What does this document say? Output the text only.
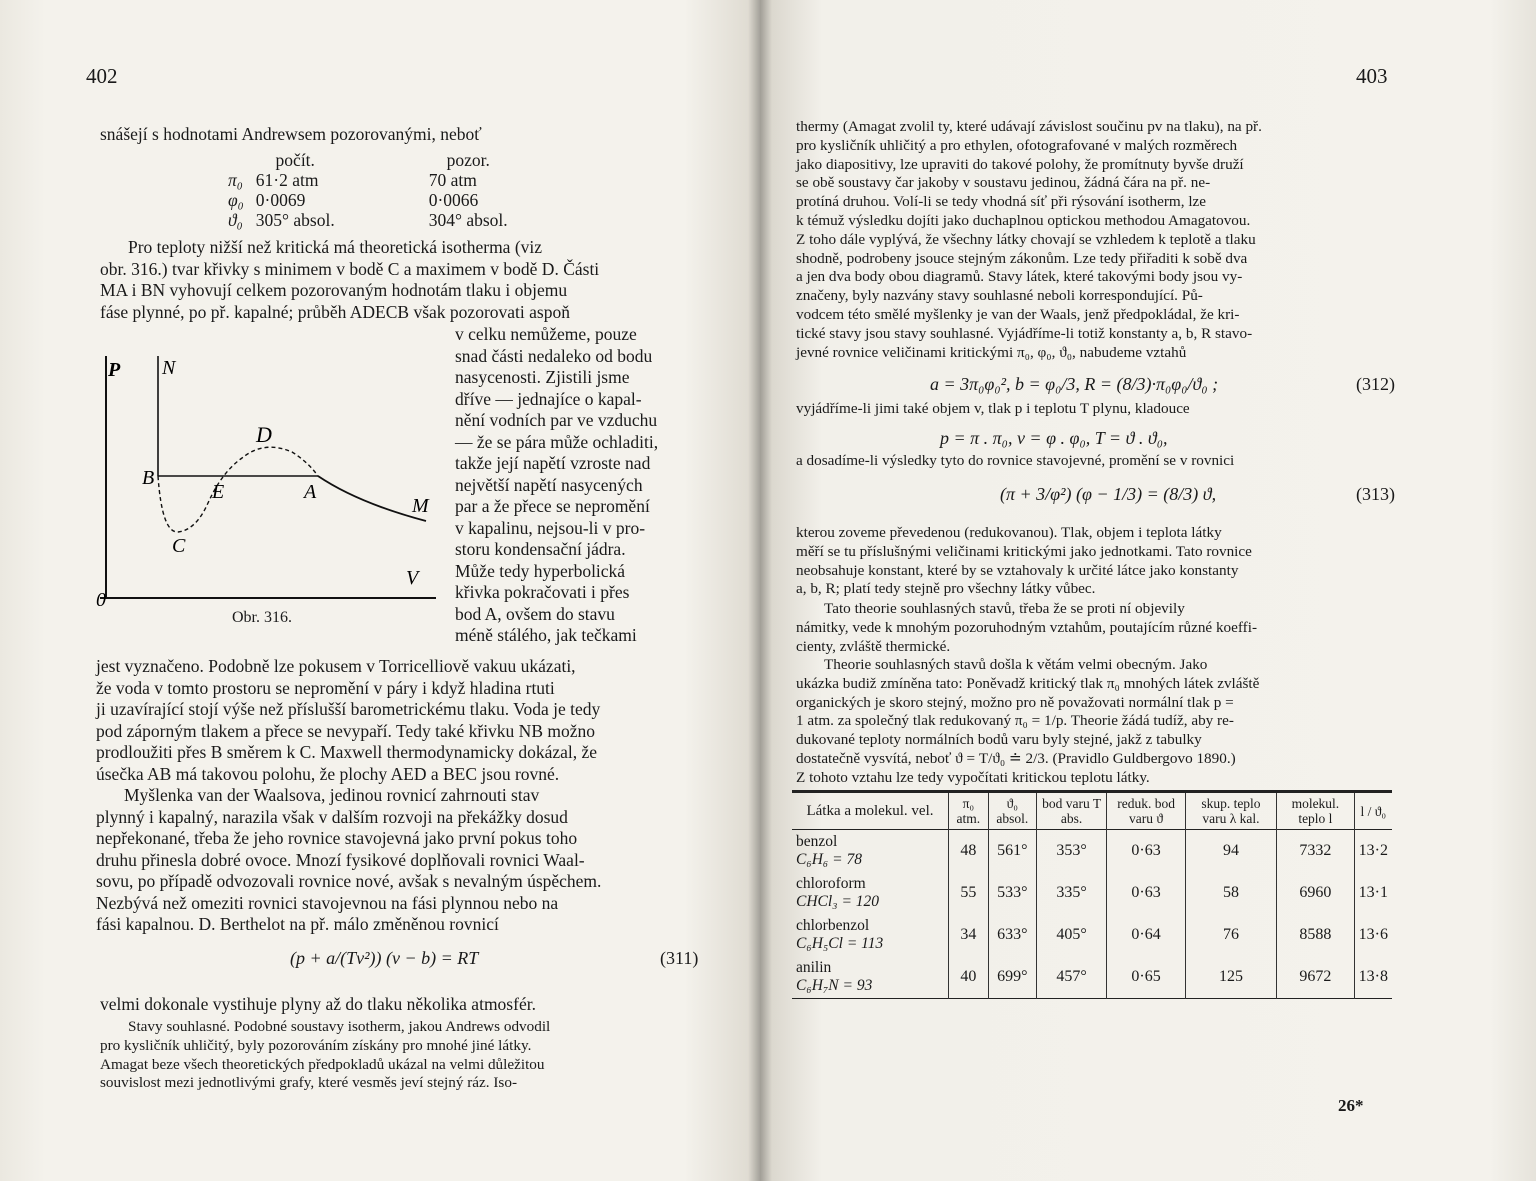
402
snášejí s hodnotami Andrewsem pozorovanými, neboť
	počít.		pozor.
π₀	61·2 atm		70 atm
φ₀	0·0069		0·0066
ϑ₀	305° absol.		304° absol.

Pro teploty nižší než kritická má theoretická isotherma (viz

obr. 316.) tvar křivky s minimem v bodě C a maximem v bodě D. Části

MA i BN vyhovují celkem pozorovaným hodnotám tlaku i objemu

fáse plynné, po př. kapalné; průběh ADECB však pozorovati aspoň

v celku nemůžeme, pouze

snad části nedaleko od bodu

nasycenosti. Zjistili jsme

dříve — jednajíce o kapal-

nění vodních par ve vzduchu

— že se pára může ochladiti,

takže její napětí vzroste nad

největší napětí nasycených

par a že přece se nepromění

v kapalinu, nejsou-li v pro-

storu kondensační jádra.

Může tedy hyperbolická

křivka pokračovati i přes

bod A, ovšem do stavu

méně stálého, jak tečkami

P N
D
B
E	A
M
C
V
0
Obr. 316.

jest vyznačeno. Podobně lze pokusem v Torricelliově vakuu ukázati,

že voda v tomto prostoru se nepromění v páry i když hladina rtuti

ji uzavírající stojí výše než příslušší barometrickému tlaku. Voda je tedy

pod záporným tlakem a přece se nevypaří. Tedy také křivku NB možno

prodloužiti přes B směrem k C. Maxwell thermodynamicky dokázal, že

úsečka AB má takovou polohu, že plochy AED a BEC jsou rovné.

Myšlenka van der Waalsova, jedinou rovnicí zahrnouti stav

plynný i kapalný, narazila však v dalším rozvoji na překážky dosud

nepřekonané, třeba že jeho rovnice stavojevná jako první pokus toho

druhu přinesla dobré ovoce. Mnozí fysikové doplňovali rovnici Waal-

sovu, po případě odvozovali rovnice nové, avšak s nevalným úspěchem.

Nezbývá než omeziti rovnici stavojevnou na fási plynnou nebo na

fási kapalnou. D. Berthelot na př. málo změněnou rovnicí

(p + a/(Tv²)) (v − b) = RT	(311)
velmi dokonale vystihuje plyny až do tlaku několika atmosfér.

Stavy souhlasné. Podobné soustavy isotherm, jakou Andrews odvodil

pro kysličník uhličitý, byly pozorováním získány pro mnohé jiné látky.

Amagat beze všech theoretických předpokladů ukázal na velmi důležitou

souvislost mezi jednotlivými grafy, které vesměs jeví stejný ráz. Iso-

403

thermy (Amagat zvolil ty, které udávají závislost součinu pv na tlaku), na př.

pro kysličník uhličitý a pro ethylen, ofotografované v malých rozměrech

jako diapositivy, lze upraviti do takové polohy, že promítnuty byvše druží

se obě soustavy čar jakoby v soustavu jedinou, žádná čára na př. ne-

protíná druhou. Volí-li se tedy vhodná síť při rýsování isotherm, lze

k témuž výsledku dojíti jako duchaplnou optickou methodou Amagatovou.

Z toho dále vyplývá, že všechny látky chovají se vzhledem k teplotě a tlaku

shodně, podrobeny jsouce stejným zákonům. Lze tedy přiřaditi k sobě dva

a jen dva body obou diagramů. Stavy látek, které takovými body jsou vy-

značeny, byly nazvány stavy souhlasné neboli korrespondující. Pů-

vodcem této smělé myšlenky je van der Waals, jenž předpokládal, že kri-

tické stavy jsou stavy souhlasné. Vyjádříme-li totiž konstanty a, b, R stavo-

jevné rovnice veličinami kritickými π₀, φ₀, ϑ₀, nabudeme vztahů

a = 3π₀φ₀², b = φ₀/3, R = (8/3)·π₀φ₀/ϑ₀ ;	(312)
vyjádříme-li jimi také objem v, tlak p i teplotu T plynu, kladouce
p = π . π₀, v = φ . φ₀, T = ϑ . ϑ₀,
a dosadíme-li výsledky tyto do rovnice stavojevné, promění se v rovnici
(π + 3/φ²) (φ − 1/3) = (8/3) ϑ,	(313)

kterou zoveme převedenou (redukovanou). Tlak, objem i teplota látky

měří se tu příslušnými veličinami kritickými jako jednotkami. Tato rovnice

neobsahuje konstant, které by se vztahovaly k určité látce jako konstanty

a, b, R; platí tedy stejně pro všechny látky vůbec.

Tato theorie souhlasných stavů, třeba že se proti ní objevily

námitky, vede k mnohým pozoruhodným vztahům, poutajícím různé koeffi-

cienty, zvláště thermické.

Theorie souhlasných stavů došla k větám velmi obecným. Jako

ukázka budiž zmíněna tato: Poněvadž kritický tlak π₀ mnohých látek zvláště

organických je skoro stejný, možno pro ně považovati normální tlak p =

1 atm. za společný tlak redukovaný π₀ = 1/p. Theorie žádá tudíž, aby re-

dukované teploty normálních bodů varu byly stejné, jakž z tabulky

dostatečně vysvítá, neboť ϑ = T/ϑ₀ ≐ 2/3. (Pravidlo Guldbergovo 1890.)

Z tohoto vztahu lze tedy vypočítati kritickou teplotu látky.

Látka a molekul. vel.	π₀ atm.	ϑ₀ absol.	bod varu T abs.	reduk. bod varu ϑ	skup. teplo varu λ kal.	molekul. teplo l	l / ϑ₀

benzol
C₆H₆ = 78	48	561°	353°	0·63	94	7332	13·2

chloroform
CHCl₃ = 120	55	533°	335°	0·63	58	6960	13·1

chlorbenzol
C₆H₅Cl = 113	34	633°	405°	0·64	76	8588	13·6

anilin
C₆H₇N = 93	40	699°	457°	0·65	125	9672	13·8
26*
